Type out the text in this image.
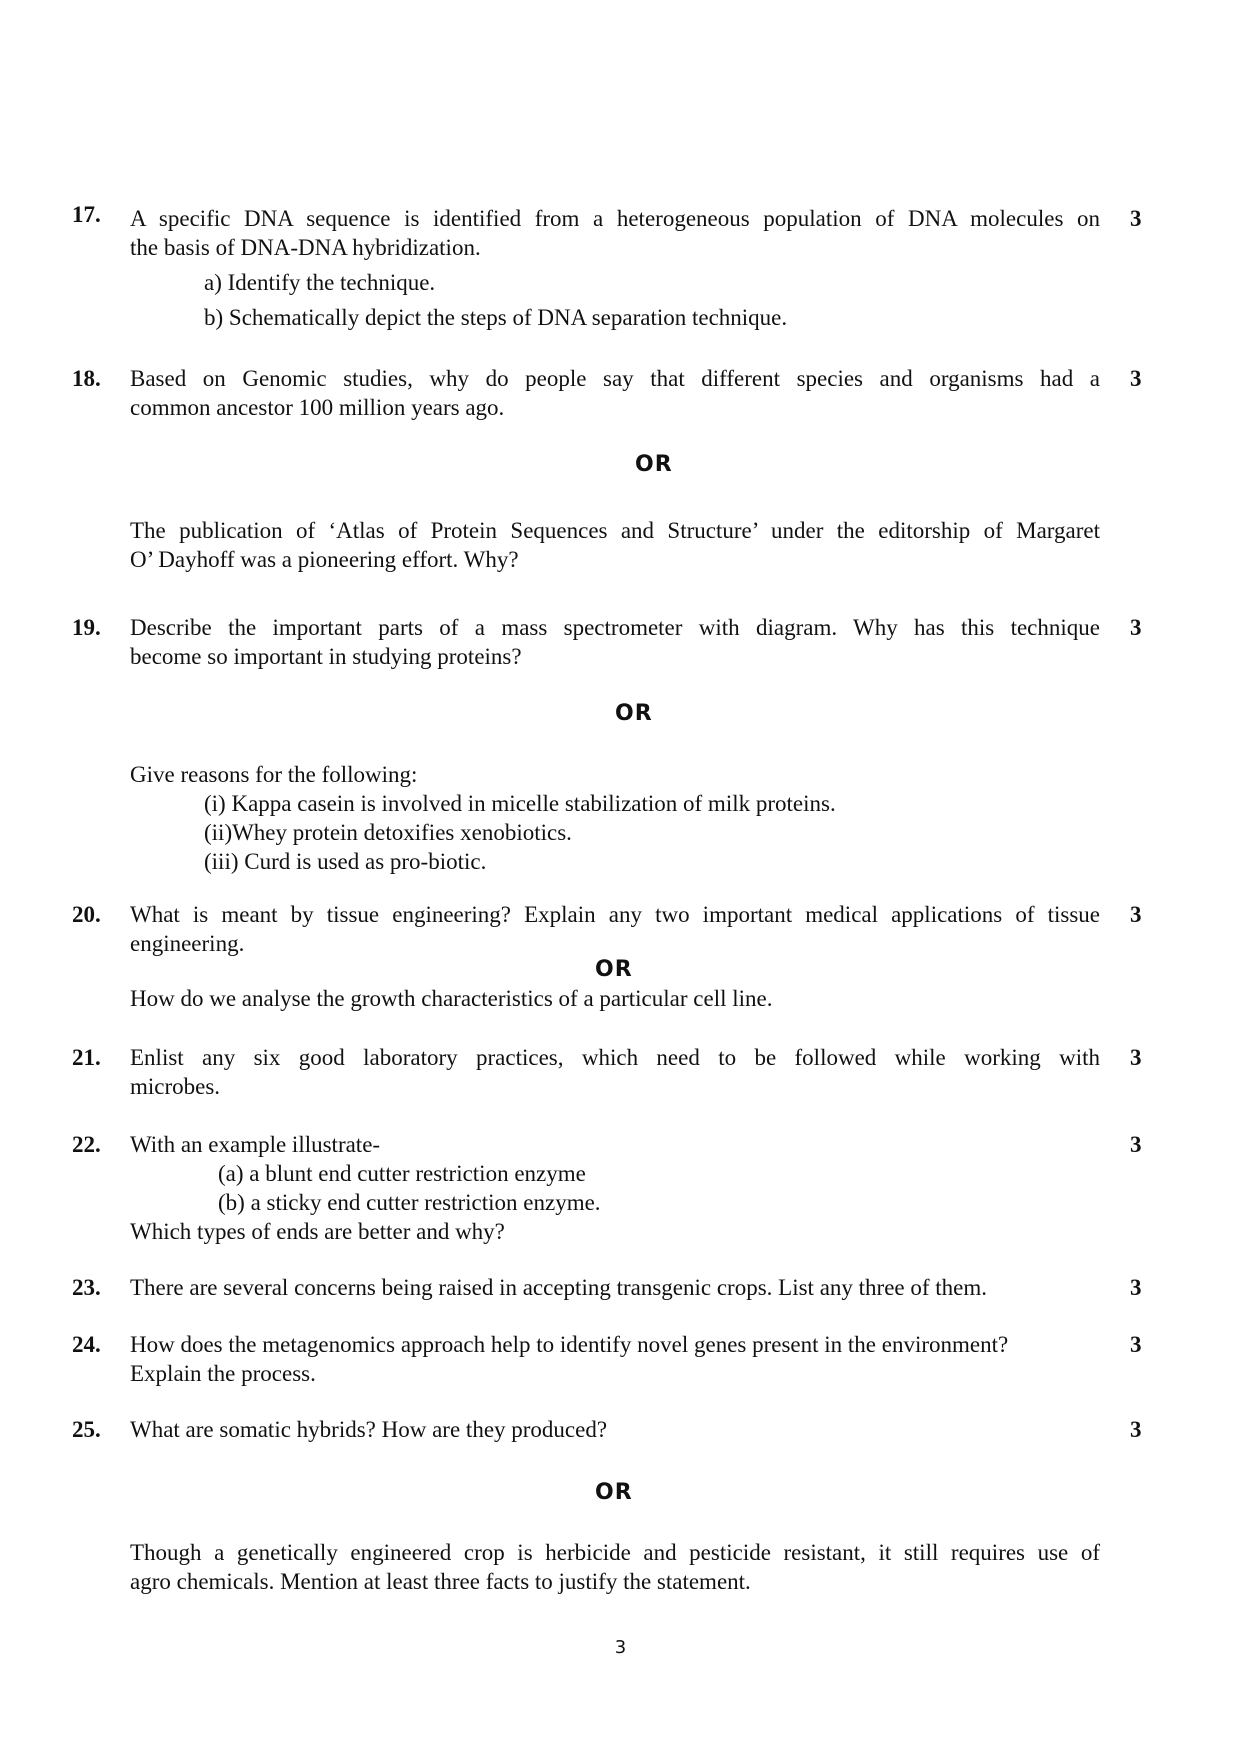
17.	A specific DNA sequence is identified from a heterogeneous population of DNA molecules on
the basis of DNA-DNA hybridization.
a) Identify the technique.
b) Schematically depict the steps of DNA separation technique.
3
18.	Based on Genomic studies, why do people say that different species and organisms had a
common ancestor 100 million years ago.
3
OR
The publication of ‘Atlas of Protein Sequences and Structure’ under the editorship of Margaret
O’ Dayhoff was a pioneering effort. Why?
19.	Describe the important parts of a mass spectrometer with diagram. Why has this technique
become so important in studying proteins?
3
OR
Give reasons for the following:
(i) Kappa casein is involved in micelle stabilization of milk proteins.
(ii)Whey protein detoxifies xenobiotics.
(iii) Curd is used as pro-biotic.
20.	What is meant by tissue engineering? Explain any two important medical applications of tissue
engineering.
3
OR
How do we analyse the growth characteristics of a particular cell line.
21.	Enlist any six good laboratory practices, which need to be followed while working with
microbes.
3
22.	With an example illustrate-
(a) a blunt end cutter restriction enzyme
(b) a sticky end cutter restriction enzyme.
Which types of ends are better and why?
3
23.	There are several concerns being raised in accepting transgenic crops. List any three of them.	3
24.	How does the metagenomics approach help to identify novel genes present in the environment?
Explain the process.
3
25.	What are somatic hybrids? How are they produced?	3
OR
Though a genetically engineered crop is herbicide and pesticide resistant, it still requires use of
agro chemicals. Mention at least three facts to justify the statement.
3
